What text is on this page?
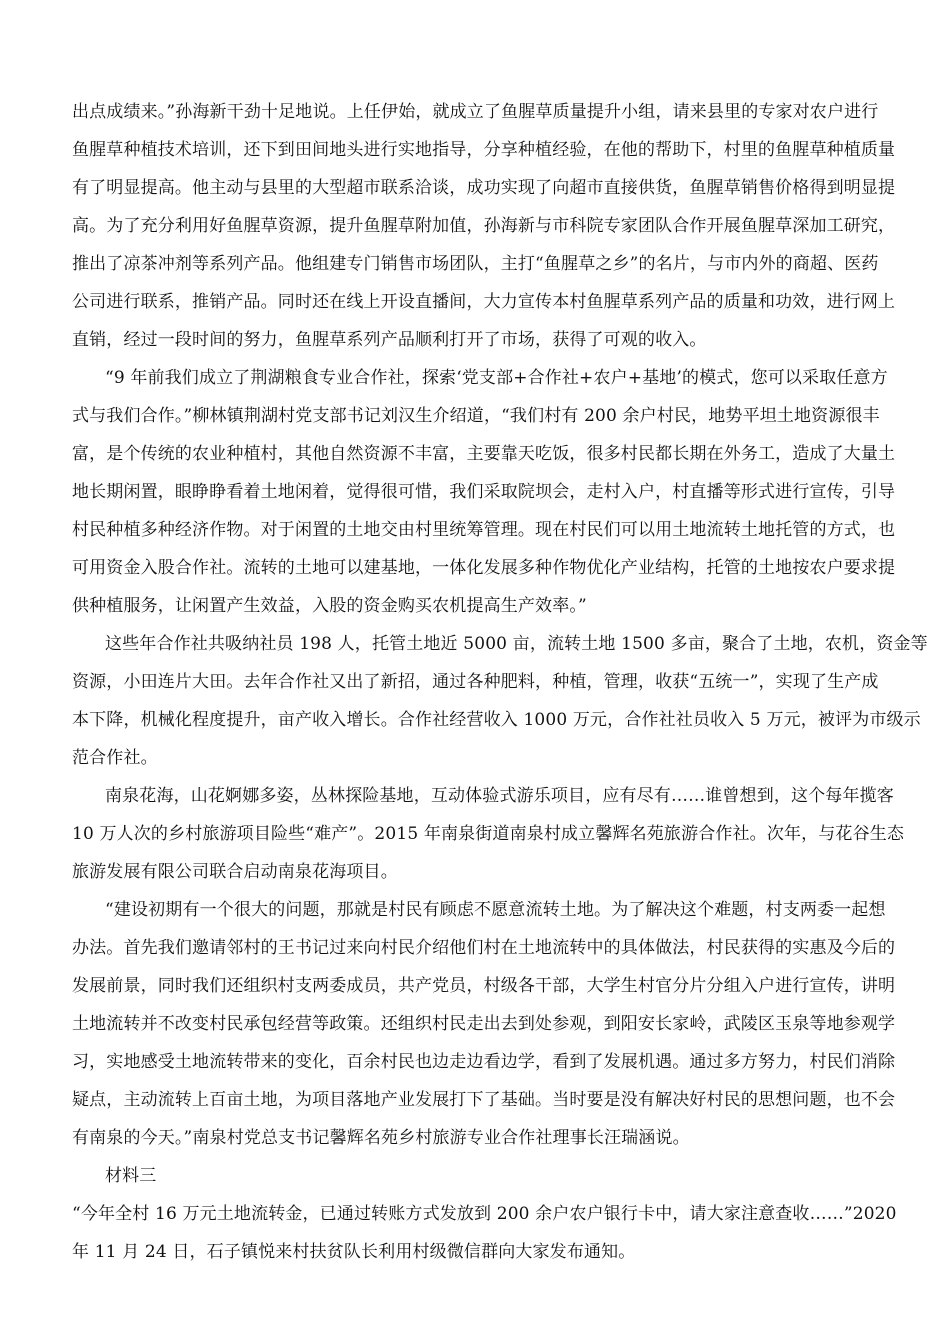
出点成绩来。”孙海新干劲十足地说。上任伊始，就成立了鱼腥草质量提升小组，请来县里的专家对农户进行
鱼腥草种植技术培训，还下到田间地头进行实地指导，分享种植经验，在他的帮助下，村里的鱼腥草种植质量
有了明显提高。他主动与县里的大型超市联系洽谈，成功实现了向超市直接供货，鱼腥草销售价格得到明显提
高。为了充分利用好鱼腥草资源，提升鱼腥草附加值，孙海新与市科院专家团队合作开展鱼腥草深加工研究，
推出了凉茶冲剂等系列产品。他组建专门销售市场团队，主打“鱼腥草之乡”的名片，与市内外的商超、医药
公司进行联系，推销产品。同时还在线上开设直播间，大力宣传本村鱼腥草系列产品的质量和功效，进行网上
直销，经过一段时间的努力，鱼腥草系列产品顺利打开了市场，获得了可观的收入。
“9 年前我们成立了荆湖粮食专业合作社，探索‘党支部+合作社+农户+基地’的模式，您可以采取任意方
式与我们合作。”柳林镇荆湖村党支部书记刘汉生介绍道，“我们村有 200 余户村民，地势平坦土地资源很丰
富，是个传统的农业种植村，其他自然资源不丰富，主要靠天吃饭，很多村民都长期在外务工，造成了大量土
地长期闲置，眼睁睁看着土地闲着，觉得很可惜，我们采取院坝会，走村入户，村直播等形式进行宣传，引导
村民种植多种经济作物。对于闲置的土地交由村里统筹管理。现在村民们可以用土地流转土地托管的方式，也
可用资金入股合作社。流转的土地可以建基地，一体化发展多种作物优化产业结构，托管的土地按农户要求提
供种植服务，让闲置产生效益，入股的资金购买农机提高生产效率。”
这些年合作社共吸纳社员 198 人，托管土地近 5000 亩，流转土地 1500 多亩，聚合了土地，农机，资金等
资源，小田连片大田。去年合作社又出了新招，通过各种肥料，种植，管理，收获“五统一”，实现了生产成
本下降，机械化程度提升，亩产收入增长。合作社经营收入 1000 万元，合作社社员收入 5 万元，被评为市级示
范合作社。
南泉花海，山花婀娜多姿，丛林探险基地，互动体验式游乐项目，应有尽有……谁曾想到，这个每年揽客
10 万人次的乡村旅游项目险些“难产”。2015 年南泉街道南泉村成立馨辉名苑旅游合作社。次年，与花谷生态
旅游发展有限公司联合启动南泉花海项目。
“建设初期有一个很大的问题，那就是村民有顾虑不愿意流转土地。为了解决这个难题，村支两委一起想
办法。首先我们邀请邻村的王书记过来向村民介绍他们村在土地流转中的具体做法，村民获得的实惠及今后的
发展前景，同时我们还组织村支两委成员，共产党员，村级各干部，大学生村官分片分组入户进行宣传，讲明
土地流转并不改变村民承包经营等政策。还组织村民走出去到处参观，到阳安长家岭，武陵区玉泉等地参观学
习，实地感受土地流转带来的变化，百余村民也边走边看边学，看到了发展机遇。通过多方努力，村民们消除
疑点，主动流转上百亩土地，为项目落地产业发展打下了基础。当时要是没有解决好村民的思想问题，也不会
有南泉的今天。”南泉村党总支书记馨辉名苑乡村旅游专业合作社理事长汪瑞涵说。
材料三
“今年全村 16 万元土地流转金，已通过转账方式发放到 200 余户农户银行卡中，请大家注意查收……”2020
年 11 月 24 日，石子镇悦来村扶贫队长利用村级微信群向大家发布通知。
